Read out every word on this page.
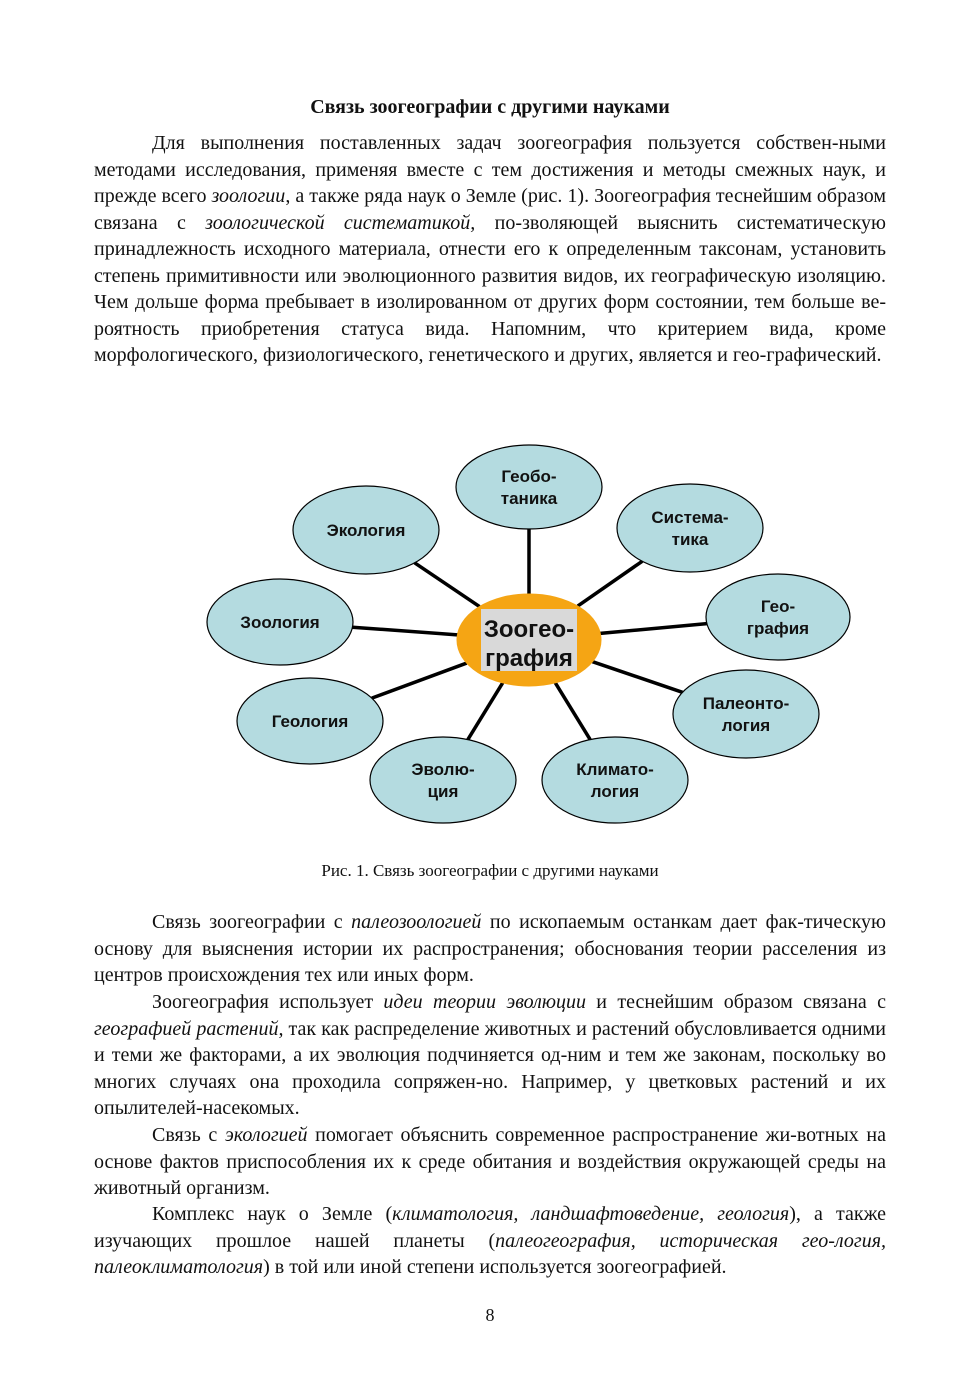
Связь зоогеографии с другими науками

Для выполнения поставленных задач зоогеография пользуется собствен-ными методами исследования, применяя вместе с тем достижения и методы смежных наук, и прежде всего зоологии, а также ряда наук о Земле (рис. 1). Зоогеография теснейшим образом связана с зоологической систематикой, по-зволяющей выяснить систематическую принадлежность исходного материала, отнести его к определенным таксонам, установить степень примитивности или эволюционного развития видов, их географическую изоляцию. Чем дольше форма пребывает в изолированном от других форм состоянии, тем больше ве-роятность приобретения статуса вида. Напомним, что критерием вида, кроме морфологического, физиологического, генетического и других, является и гео-графический.

Рис. 1. Связь зоогеографии с другими науками

Связь зоогеографии с палеозоологией по ископаемым останкам дает фак-тическую основу для выяснения истории их распространения; обоснования теории расселения из центров происхождения тех или иных форм.

Зоогеография использует идеи теории эволюции и теснейшим образом связана с географией растений, так как распределение животных и растений обусловливается одними и теми же факторами, а их эволюция подчиняется од-ним и тем же законам, поскольку во многих случаях она проходила сопряжен-но. Например, у цветковых растений и их опылителей-насекомых.

Связь с экологией помогает объяснить современное распространение жи-вотных на основе фактов приспособления их к среде обитания и воздействия окружающей среды на животный организм.

Комплекс наук о Земле (климатология, ландшафтоведение, геология), а также изучающих прошлое нашей планеты (палеогеография, историческая гео-логия, палеоклиматология) в той или иной степени используется зоогеографией.

8
Геобо-
таника
Система-
тика
Гео-
графия
Палеонто-
логия
Климато-
логия
Эволю-
ция
Геология
Зоология
Экология
Зоогео-
графия
